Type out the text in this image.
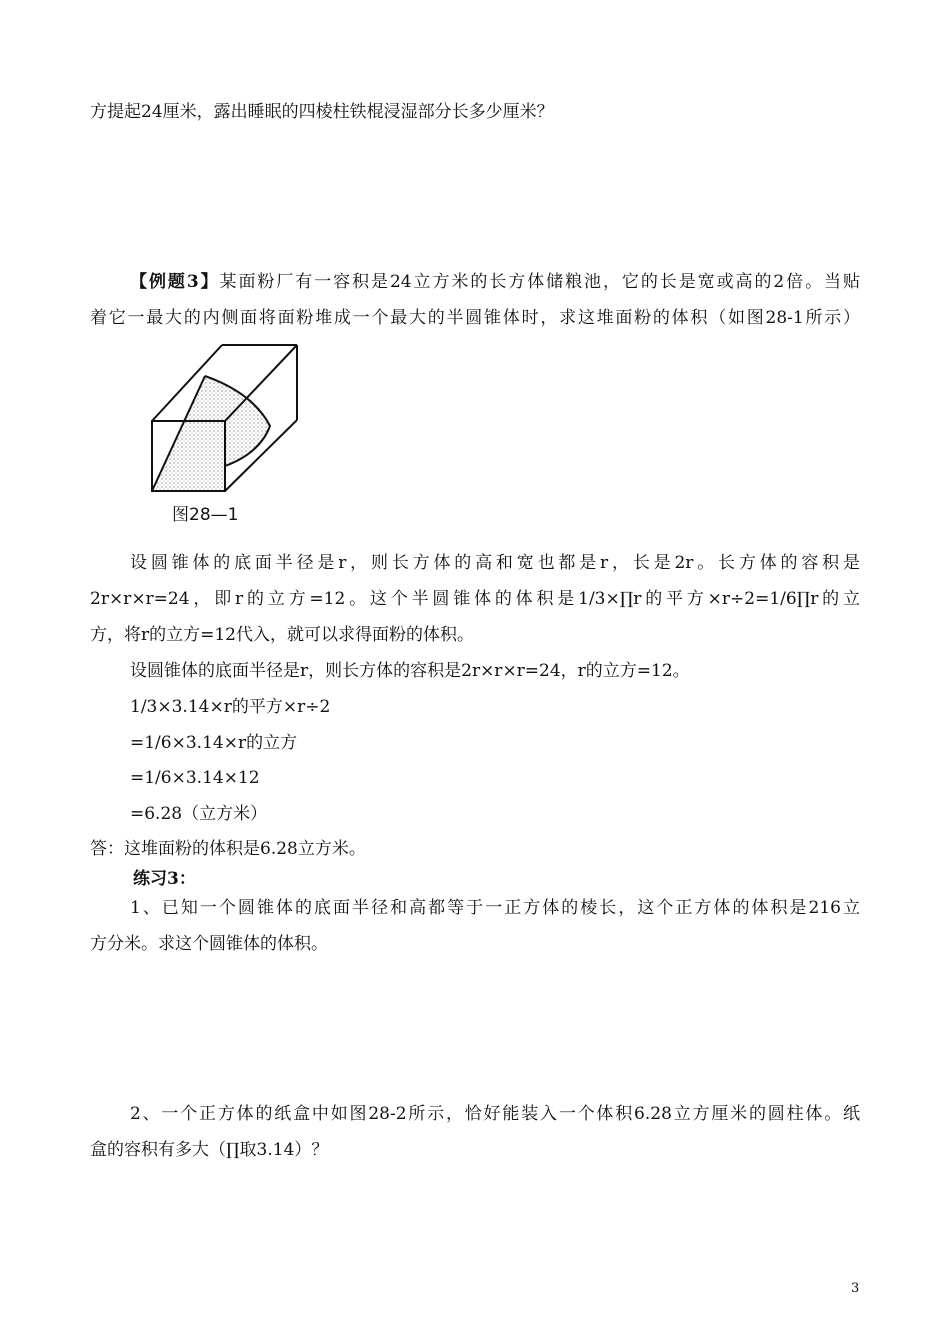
方提起24厘米，露出睡眠的四棱柱铁棍浸湿部分长多少厘米？
【例题3】某面粉厂有一容积是24立方米的长方体储粮池，它的长是宽或高的2倍。当贴
着它一最大的内侧面将面粉堆成一个最大的半圆锥体时，求这堆面粉的体积（如图28-1所示）
图28—1
设圆锥体的底面半径是r，则长方体的高和宽也都是r，长是2r。长方体的容积是
2r×r×r=24，即r的立方=12。这个半圆锥体的体积是1/3×∏r的平方×r÷2=1/6∏r的立
方，将r的立方=12代入，就可以求得面粉的体积。
设圆锥体的底面半径是r，则长方体的容积是2r×r×r=24，r的立方=12。
1/3×3.14×r的平方×r÷2
=1/6×3.14×r的立方
=1/6×3.14×12
=6.28（立方米）
答：这堆面粉的体积是6.28立方米。
练习3：
1、已知一个圆锥体的底面半径和高都等于一正方体的棱长，这个正方体的体积是216立
方分米。求这个圆锥体的体积。
2、一个正方体的纸盒中如图28-2所示，恰好能装入一个体积6.28立方厘米的圆柱体。纸
盒的容积有多大（∏取3.14）？
3
